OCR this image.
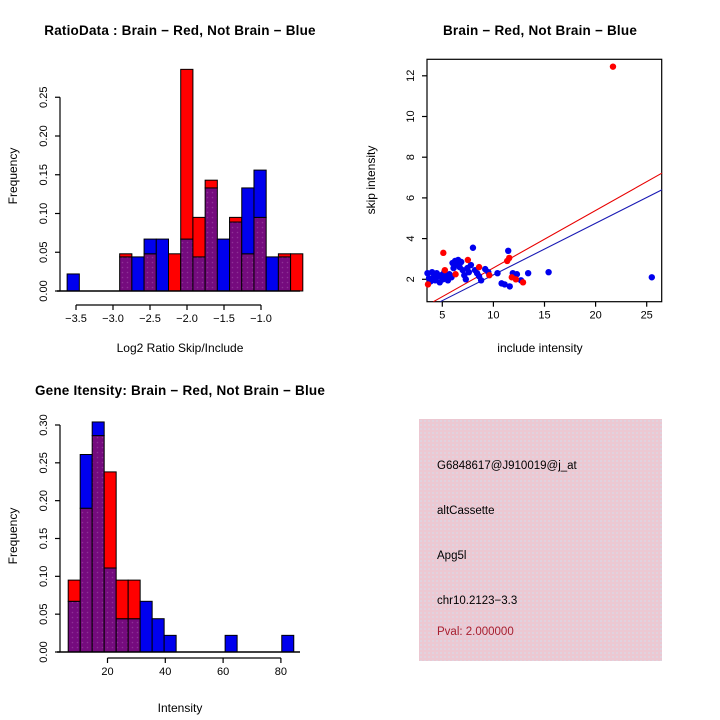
0.00
0.05
0.10
0.15
0.20
0.25
−3.5 −3.0 −2.5 −2.0 −1.5 −1.0
RatioData : Brain − Red, Not Brain − Blue
Frequency
Log2 Ratio Skip/Include
5	10	15	20	25
2
4
6
8
10
12
Brain − Red, Not Brain − Blue
skip intensity
include intensity
0.00
0.05
0.10
0.15
0.20
0.25
0.30
20	40	60	80
Gene Itensity: Brain − Red, Not Brain − Blue
Frequency
Intensity
G6848617@J910019@j_at
altCassette
Apg5l
chr10.2123−3.3
Pval: 2.000000
